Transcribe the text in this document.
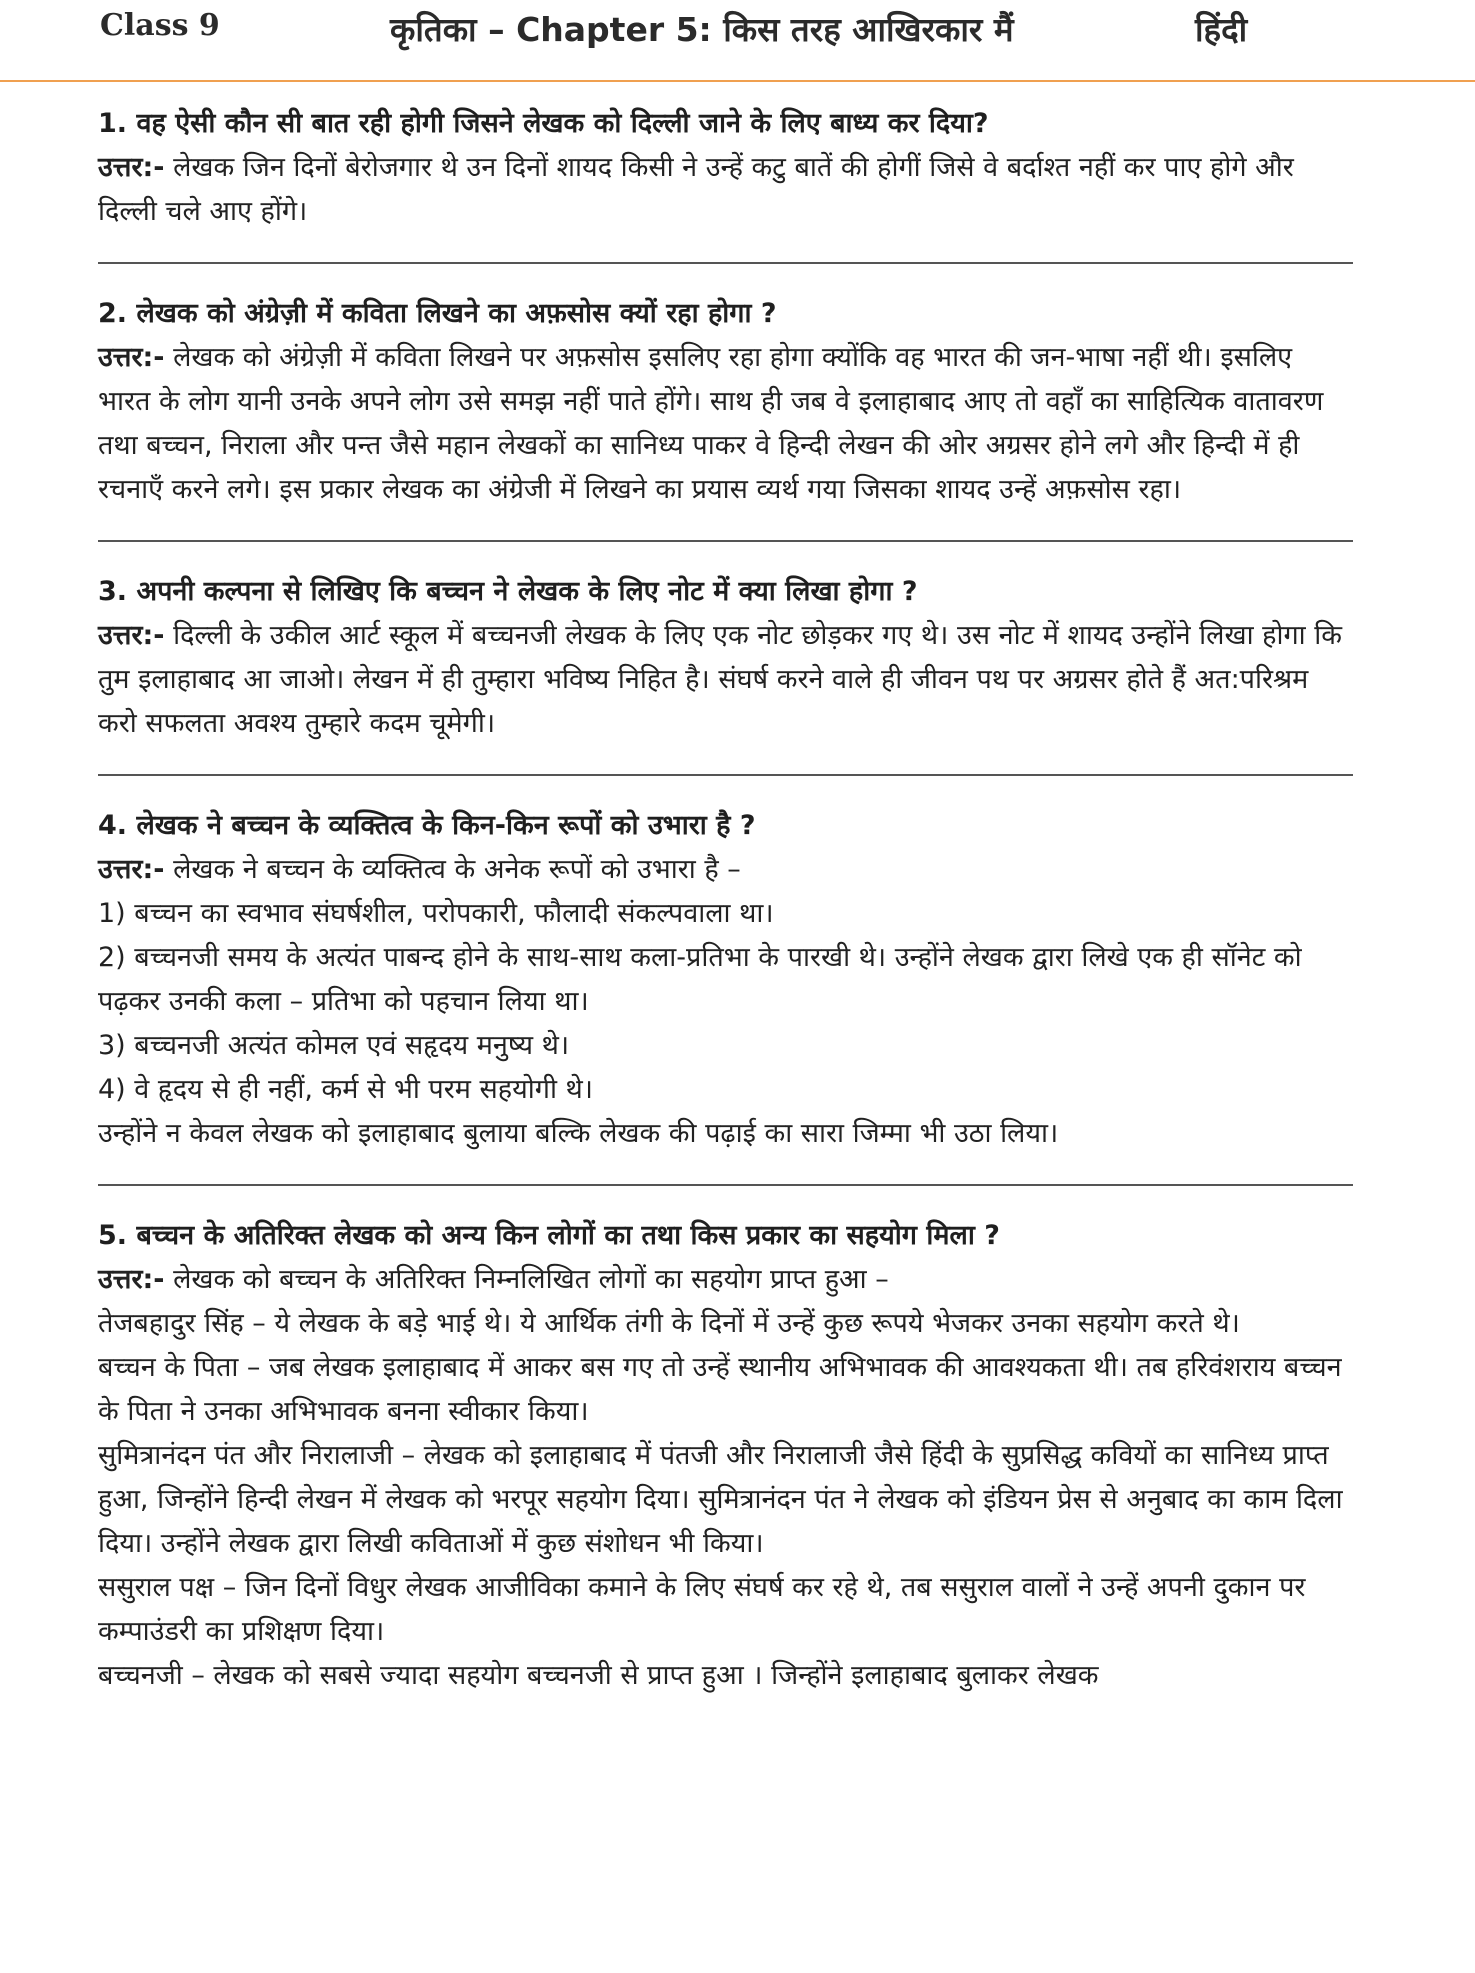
Class 9	कृतिका – Chapter 5: किस तरह आखिरकार मैं	हिंदी

1. वह ऐसी कौन सी बात रही होगी जिसने लेखक को दिल्ली जाने के लिए बाध्य कर दिया?

उत्तर:- लेखक जिन दिनों बेरोजगार थे उन दिनों शायद किसी ने उन्हें कटु बातें की होगीं जिसे वे बर्दाश्त नहीं कर पाए होगे और दिल्ली चले आए होंगे।

2. लेखक को अंग्रेज़ी में कविता लिखने का अफ़सोस क्यों रहा होगा ?

उत्तर:- लेखक को अंग्रेज़ी में कविता लिखने पर अफ़सोस इसलिए रहा होगा क्योंकि वह भारत की जन-भाषा नहीं थी। इसलिए भारत के लोग यानी उनके अपने लोग उसे समझ नहीं पाते होंगे। साथ ही जब वे इलाहाबाद आए तो वहाँ का साहित्यिक वातावरण तथा बच्चन, निराला और पन्त जैसे महान लेखकों का सानिध्य पाकर वे हिन्दी लेखन की ओर अग्रसर होने लगे और हिन्दी में ही रचनाएँ करने लगे। इस प्रकार लेखक का अंग्रेजी में लिखने का प्रयास व्यर्थ गया जिसका शायद उन्हें अफ़सोस रहा।

3. अपनी कल्पना से लिखिए कि बच्चन ने लेखक के लिए नोट में क्या लिखा होगा ?

उत्तर:- दिल्ली के उकील आर्ट स्कूल में बच्चनजी लेखक के लिए एक नोट छोड़कर गए थे। उस नोट में शायद उन्होंने लिखा होगा कि तुम इलाहाबाद आ जाओ। लेखन में ही तुम्हारा भविष्य निहित है। संघर्ष करने वाले ही जीवन पथ पर अग्रसर होते हैं अत:परिश्रम करो सफलता अवश्य तुम्हारे कदम चूमेगी।

4. लेखक ने बच्चन के व्यक्तित्व के किन-किन रूपों को उभारा है ?

उत्तर:- लेखक ने बच्चन के व्यक्तित्व के अनेक रूपों को उभारा है –

1) बच्चन का स्वभाव संघर्षशील, परोपकारी, फौलादी संकल्पवाला था।

2) बच्चनजी समय के अत्यंत पाबन्द होने के साथ-साथ कला-प्रतिभा के पारखी थे। उन्होंने लेखक द्वारा लिखे एक ही सॉनेट को पढ़कर उनकी कला – प्रतिभा को पहचान लिया था।

3) बच्चनजी अत्यंत कोमल एवं सहृदय मनुष्य थे।

4) वे हृदय से ही नहीं, कर्म से भी परम सहयोगी थे।

उन्होंने न केवल लेखक को इलाहाबाद बुलाया बल्कि लेखक की पढ़ाई का सारा जिम्मा भी उठा लिया।

5. बच्चन के अतिरिक्त लेखक को अन्य किन लोगों का तथा किस प्रकार का सहयोग मिला ?

उत्तर:- लेखक को बच्चन के अतिरिक्त निम्नलिखित लोगों का सहयोग प्राप्त हुआ –

तेजबहादुर सिंह – ये लेखक के बड़े भाई थे। ये आर्थिक तंगी के दिनों में उन्हें कुछ रूपये भेजकर उनका सहयोग करते थे।

बच्चन के पिता – जब लेखक इलाहाबाद में आकर बस गए तो उन्हें स्थानीय अभिभावक की आवश्यकता थी। तब हरिवंशराय बच्चन के पिता ने उनका अभिभावक बनना स्वीकार किया।

सुमित्रानंदन पंत और निरालाजी – लेखक को इलाहाबाद में पंतजी और निरालाजी जैसे हिंदी के सुप्रसिद्ध कवियों का सानिध्य प्राप्त हुआ, जिन्होंने हिन्दी लेखन में लेखक को भरपूर सहयोग दिया। सुमित्रानंदन पंत ने लेखक को इंडियन प्रेस से अनुबाद का काम दिला दिया। उन्होंने लेखक द्वारा लिखी कविताओं में कुछ संशोधन भी किया।

ससुराल पक्ष – जिन दिनों विधुर लेखक आजीविका कमाने के लिए संघर्ष कर रहे थे, तब ससुराल वालों ने उन्हें अपनी दुकान पर कम्पाउंडरी का प्रशिक्षण दिया।

बच्चनजी – लेखक को सबसे ज्यादा सहयोग बच्चनजी से प्राप्त हुआ । जिन्होंने इलाहाबाद बुलाकर लेखक
